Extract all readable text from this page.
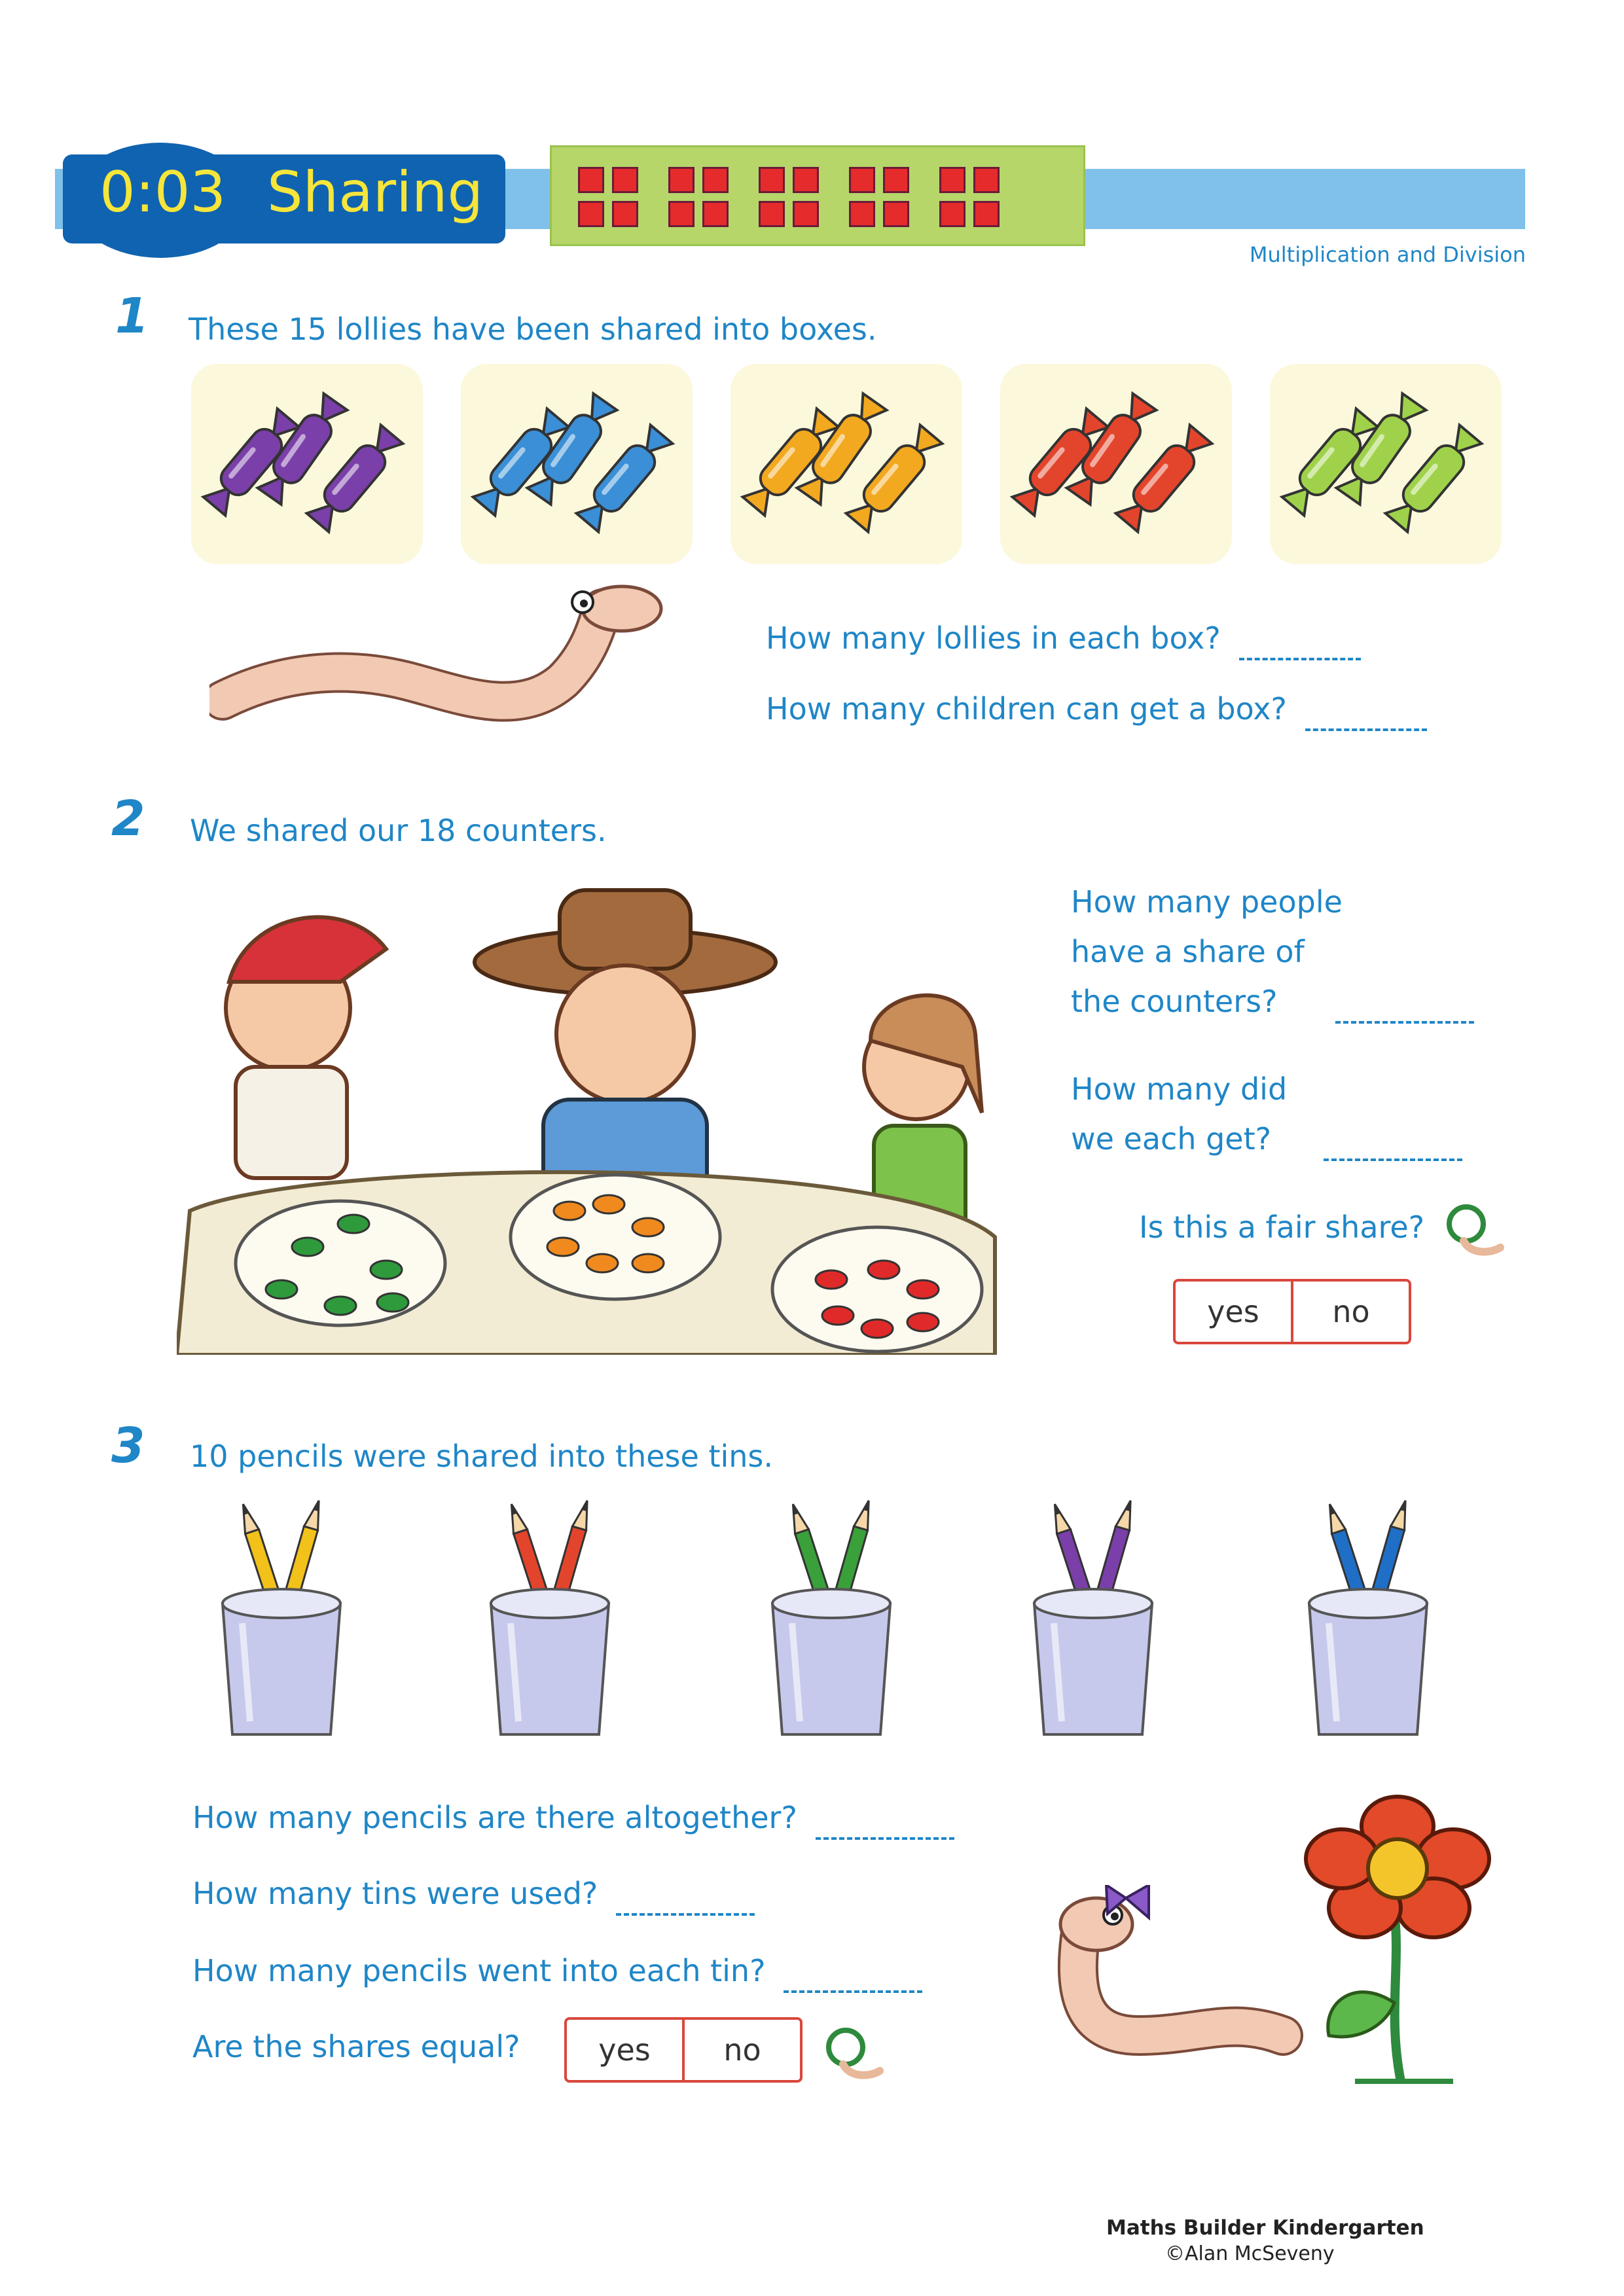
0:03 Sharing
Multiplication and Division
1 These 15 lollies have been shared into boxes.
How many lollies in each box?
How many children can get a box?
2 We shared our 18 counters.
How many people
have a share of
the counters?
How many did
we each get?
Is this a fair share?
yes	no
3 10 pencils were shared into these tins.
How many pencils are there altogether?
How many tins were used?
How many pencils went into each tin?
Are the shares equal?	yes	no
Maths Builder Kindergarten
©Alan McSeveny
